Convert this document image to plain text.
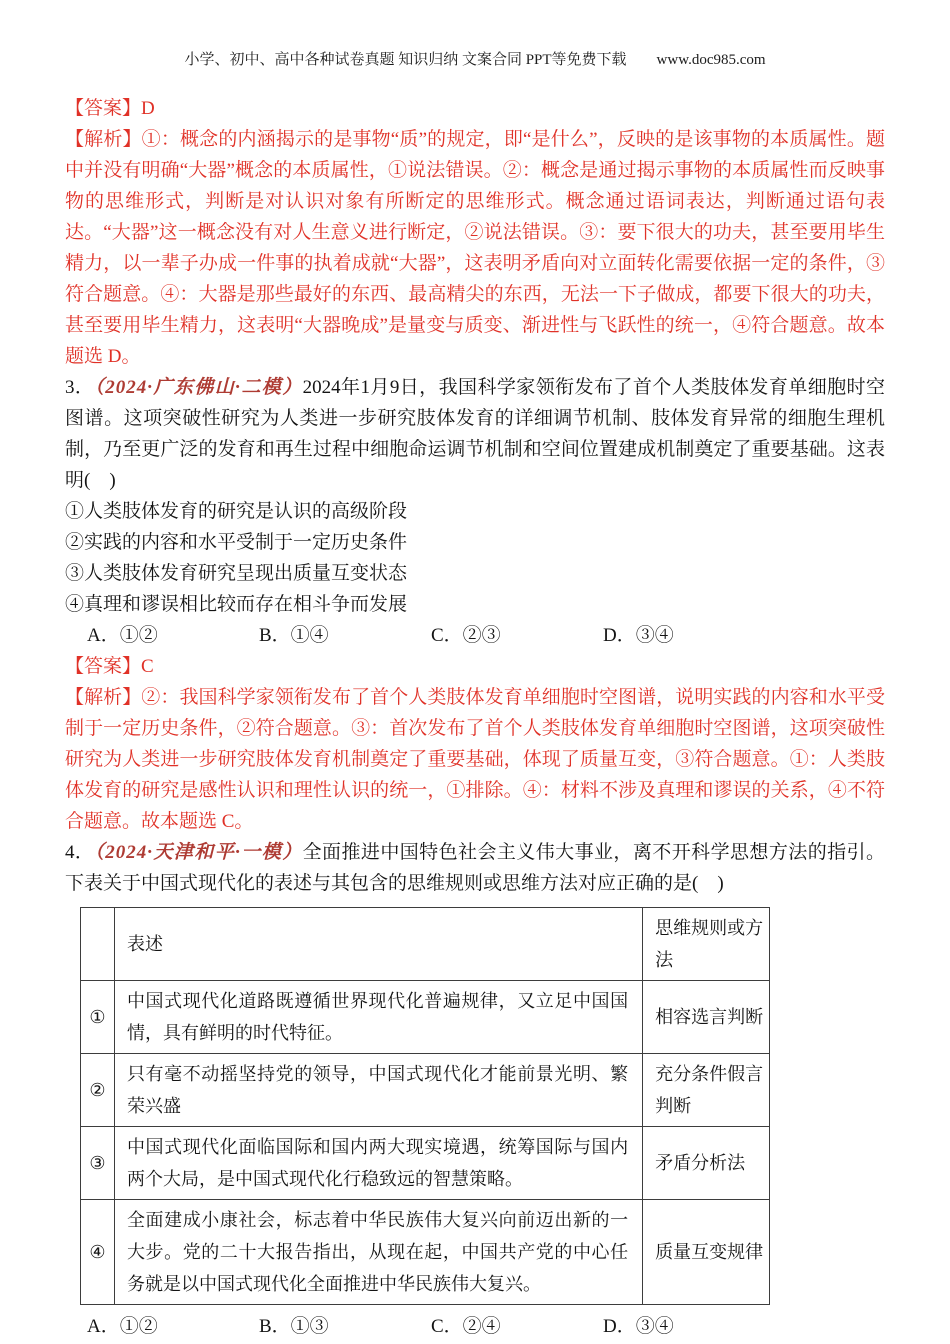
小学、初中、高中各种试卷真题 知识归纳 文案合同 PPT等免费下载 www.doc985.com

【答案】D

【解析】①：概念的内涵揭示的是事物“质”的规定，即“是什么”，反映的是该事物的本质属性。题中并没有明确“大器”概念的本质属性，①说法错误。②：概念是通过揭示事物的本质属性而反映事物的思维形式，判断是对认识对象有所断定的思维形式。概念通过语词表达，判断通过语句表达。“大器”这一概念没有对人生意义进行断定，②说法错误。③：要下很大的功夫，甚至要用毕生精力，以一辈子办成一件事的执着成就“大器”，这表明矛盾向对立面转化需要依据一定的条件，③符合题意。④：大器是那些最好的东西、最高精尖的东西，无法一下子做成，都要下很大的功夫，甚至要用毕生精力，这表明“大器晚成”是量变与质变、渐进性与飞跃性的统一，④符合题意。故本题选 D。

3．（2024·广东佛山·二模）2024年1月9日，我国科学家领衔发布了首个人类肢体发育单细胞时空图谱。这项突破性研究为人类进一步研究肢体发育的详细调节机制、肢体发育异常的细胞生理机制，乃至更广泛的发育和再生过程中细胞命运调节机制和空间位置建成机制奠定了重要基础。这表明(　)

①人类肢体发育的研究是认识的高级阶段

②实践的内容和水平受制于一定历史条件

③人类肢体发育研究呈现出质量互变状态

④真理和谬误相比较而存在相斗争而发展

A．①②	B．①④	C．②③	D．③④

【答案】C

【解析】②：我国科学家领衔发布了首个人类肢体发育单细胞时空图谱，说明实践的内容和水平受制于一定历史条件，②符合题意。③：首次发布了首个人类肢体发育单细胞时空图谱，这项突破性研究为人类进一步研究肢体发育机制奠定了重要基础，体现了质量互变，③符合题意。①：人类肢体发育的研究是感性认识和理性认识的统一，①排除。④：材料不涉及真理和谬误的关系，④不符合题意。故本题选 C。

4．（2024·天津和平·一模）全面推进中国特色社会主义伟大事业，离不开科学思想方法的指引。下表关于中国式现代化的表述与其包含的思维规则或思维方法对应正确的是(　)

	表述	思维规则或方法
①	中国式现代化道路既遵循世界现代化普遍规律，又立足中国国情，具有鲜明的时代特征。	相容选言判断
②	只有毫不动摇坚持党的领导，中国式现代化才能前景光明、繁荣兴盛	充分条件假言判断
③	中国式现代化面临国际和国内两大现实境遇，统筹国际与国内两个大局，是中国式现代化行稳致远的智慧策略。	矛盾分析法
④	全面建成小康社会，标志着中华民族伟大复兴向前迈出新的一大步。党的二十大报告指出，从现在起，中国共产党的中心任务就是以中国式现代化全面推进中华民族伟大复兴。	质量互变规律
A．①②	B．①③	C．②④	D．③④
